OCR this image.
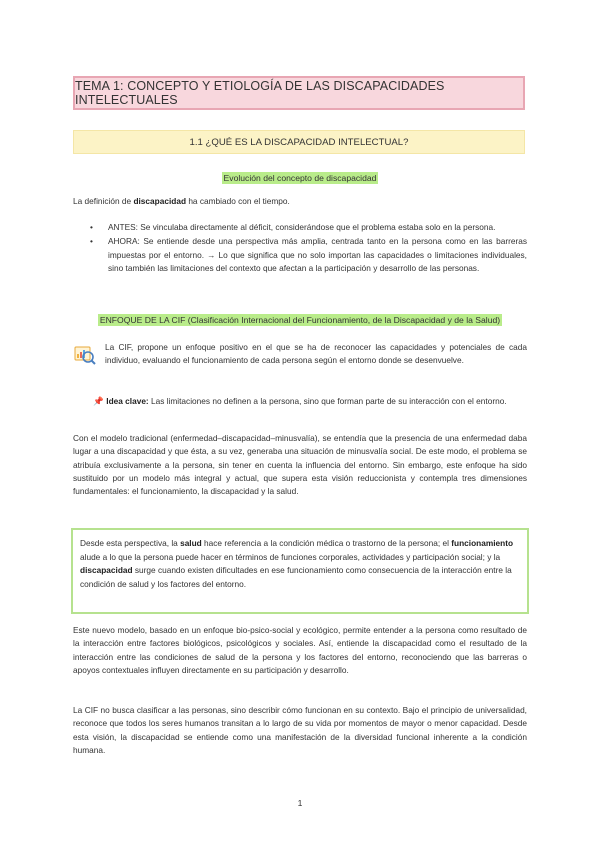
TEMA 1: CONCEPTO Y ETIOLOGÍA DE LAS DISCAPACIDADES INTELECTUALES
1.1 ¿QUÉ ES LA DISCAPACIDAD INTELECTUAL?
Evolución del concepto de discapacidad

La definición de discapacidad ha cambiado con el tiempo.

• ANTES: Se vinculaba directamente al déficit, considerándose que el problema estaba solo en la persona.
• AHORA: Se entiende desde una perspectiva más amplia, centrada tanto en la persona como en las barreras impuestas por el entorno. → Lo que significa que no solo importan las capacidades o limitaciones individuales, sino también las limitaciones del contexto que afectan a la participación y desarrollo de las personas.
ENFOQUE DE LA CIF (Clasificación Internacional del Funcionamiento, de la Discapacidad y de la Salud)

La CIF, propone un enfoque positivo en el que se ha de reconocer las capacidades y potenciales de cada individuo, evaluando el funcionamiento de cada persona según el entorno donde se desenvuelve.

📌 Idea clave: Las limitaciones no definen a la persona, sino que forman parte de su interacción con el entorno.

Con el modelo tradicional (enfermedad–discapacidad–minusvalía), se entendía que la presencia de una enfermedad daba lugar a una discapacidad y que ésta, a su vez, generaba una situación de minusvalía social. De este modo, el problema se atribuía exclusivamente a la persona, sin tener en cuenta la influencia del entorno. Sin embargo, este enfoque ha sido sustituido por un modelo más integral y actual, que supera esta visión reduccionista y contempla tres dimensiones fundamentales: el funcionamiento, la discapacidad y la salud.

Desde esta perspectiva, la salud hace referencia a la condición médica o trastorno de la persona; el funcionamiento alude a lo que la persona puede hacer en términos de funciones corporales, actividades y participación social; y la discapacidad surge cuando existen dificultades en ese funcionamiento como consecuencia de la interacción entre la condición de salud y los factores del entorno.

Este nuevo modelo, basado en un enfoque bio-psico-social y ecológico, permite entender a la persona como resultado de la interacción entre factores biológicos, psicológicos y sociales. Así, entiende la discapacidad como el resultado de la interacción entre las condiciones de salud de la persona y los factores del entorno, reconociendo que las barreras o apoyos contextuales influyen directamente en su participación y desarrollo.

La CIF no busca clasificar a las personas, sino describir cómo funcionan en su contexto. Bajo el principio de universalidad, reconoce que todos los seres humanos transitan a lo largo de su vida por momentos de mayor o menor capacidad. Desde esta visión, la discapacidad se entiende como una manifestación de la diversidad funcional inherente a la condición humana.

1
